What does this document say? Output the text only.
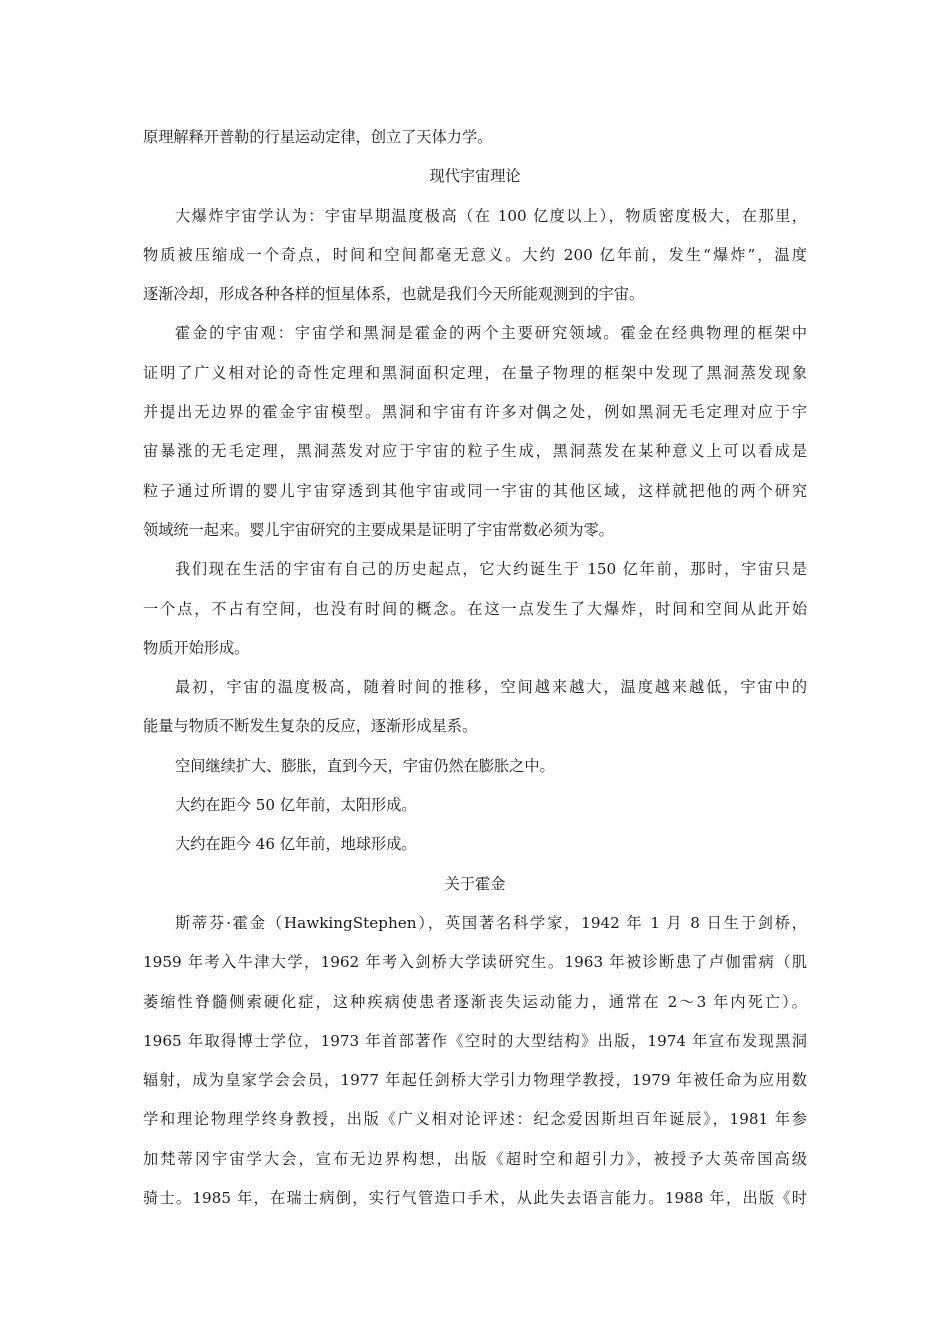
原理解释开普勒的行星运动定律，创立了天体力学。
现代宇宙理论
大爆炸宇宙学认为：宇宙早期温度极高（在 100 亿度以上），物质密度极大，在那里，
物质被压缩成一个奇点，时间和空间都毫无意义。大约 200 亿年前，发生“爆炸”，温度
逐渐冷却，形成各种各样的恒星体系，也就是我们今天所能观测到的宇宙。
霍金的宇宙观：宇宙学和黑洞是霍金的两个主要研究领域。霍金在经典物理的框架中
证明了广义相对论的奇性定理和黑洞面积定理，在量子物理的框架中发现了黑洞蒸发现象
并提出无边界的霍金宇宙模型。黑洞和宇宙有许多对偶之处，例如黑洞无毛定理对应于宇
宙暴涨的无毛定理，黑洞蒸发对应于宇宙的粒子生成，黑洞蒸发在某种意义上可以看成是
粒子通过所谓的婴儿宇宙穿透到其他宇宙或同一宇宙的其他区域，这样就把他的两个研究
领域统一起来。婴儿宇宙研究的主要成果是证明了宇宙常数必须为零。
我们现在生活的宇宙有自己的历史起点，它大约诞生于 150 亿年前，那时，宇宙只是
一个点，不占有空间，也没有时间的概念。在这一点发生了大爆炸，时间和空间从此开始
物质开始形成。
最初，宇宙的温度极高，随着时间的推移，空间越来越大，温度越来越低，宇宙中的
能量与物质不断发生复杂的反应，逐渐形成星系。
空间继续扩大、膨胀，直到今天，宇宙仍然在膨胀之中。
大约在距今 50 亿年前，太阳形成。
大约在距今 46 亿年前，地球形成。
关于霍金
斯蒂芬·霍金（HawkingStephen），英国著名科学家，1942 年 1 月 8 日生于剑桥，
1959 年考入牛津大学，1962 年考入剑桥大学读研究生。1963 年被诊断患了卢伽雷病（肌
萎缩性脊髓侧索硬化症，这种疾病使患者逐渐丧失运动能力，通常在 2～3 年内死亡）。
1965 年取得博士学位，1973 年首部著作《空时的大型结构》出版，1974 年宣布发现黑洞
辐射，成为皇家学会会员，1977 年起任剑桥大学引力物理学教授，1979 年被任命为应用数
学和理论物理学终身教授，出版《广义相对论评述：纪念爱因斯坦百年诞辰》，1981 年参
加梵蒂冈宇宙学大会，宣布无边界构想，出版《超时空和超引力》，被授予大英帝国高级
骑士。1985 年，在瑞士病倒，实行气管造口手术，从此失去语言能力。1988 年，出版《时
